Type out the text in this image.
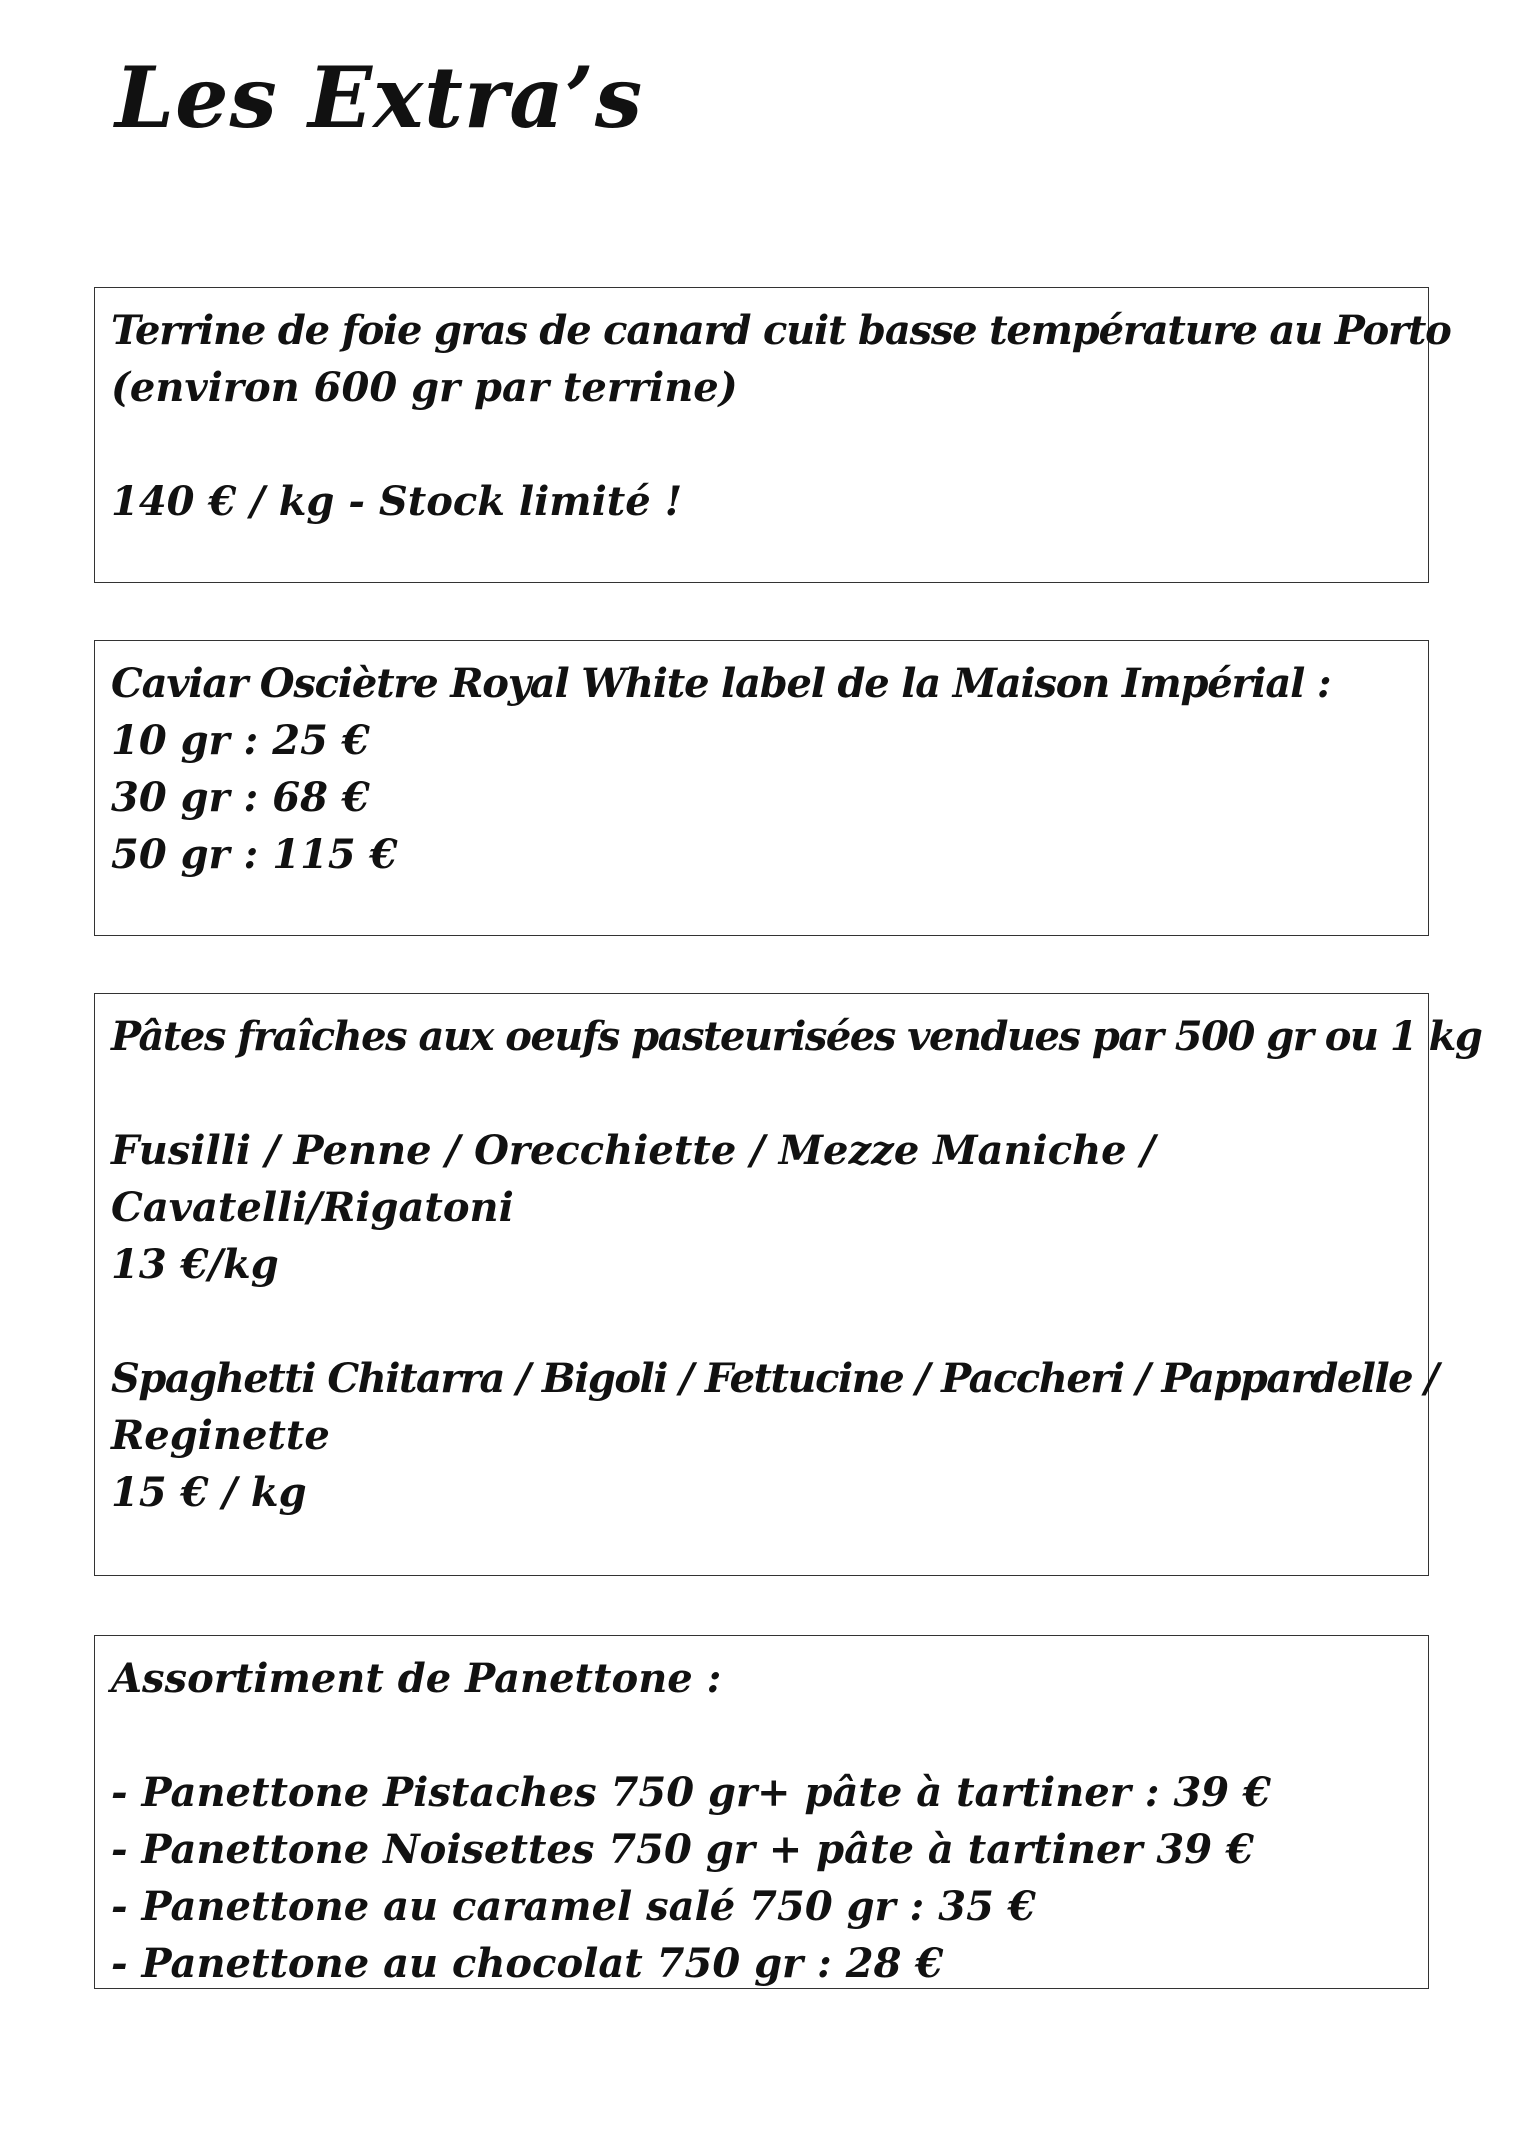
Les Extra’s
Terrine de foie gras de canard cuit basse température au Porto
(environ 600 gr par terrine)
140 € / kg - Stock limité !
Caviar Osciètre Royal White label de la Maison Impérial :
10 gr : 25 €
30 gr : 68 €
50 gr : 115 €
Pâtes fraîches aux oeufs pasteurisées vendues par 500 gr ou 1 kg
Fusilli / Penne / Orecchiette / Mezze Maniche /
Cavatelli/Rigatoni
13 €/kg
Spaghetti Chitarra / Bigoli / Fettucine / Paccheri / Pappardelle /
Reginette
15 € / kg
Assortiment de Panettone :
- Panettone Pistaches 750 gr+ pâte à tartiner : 39 €
- Panettone Noisettes 750 gr + pâte à tartiner 39 €
- Panettone au caramel salé 750 gr : 35 €
- Panettone au chocolat 750 gr : 28 €
